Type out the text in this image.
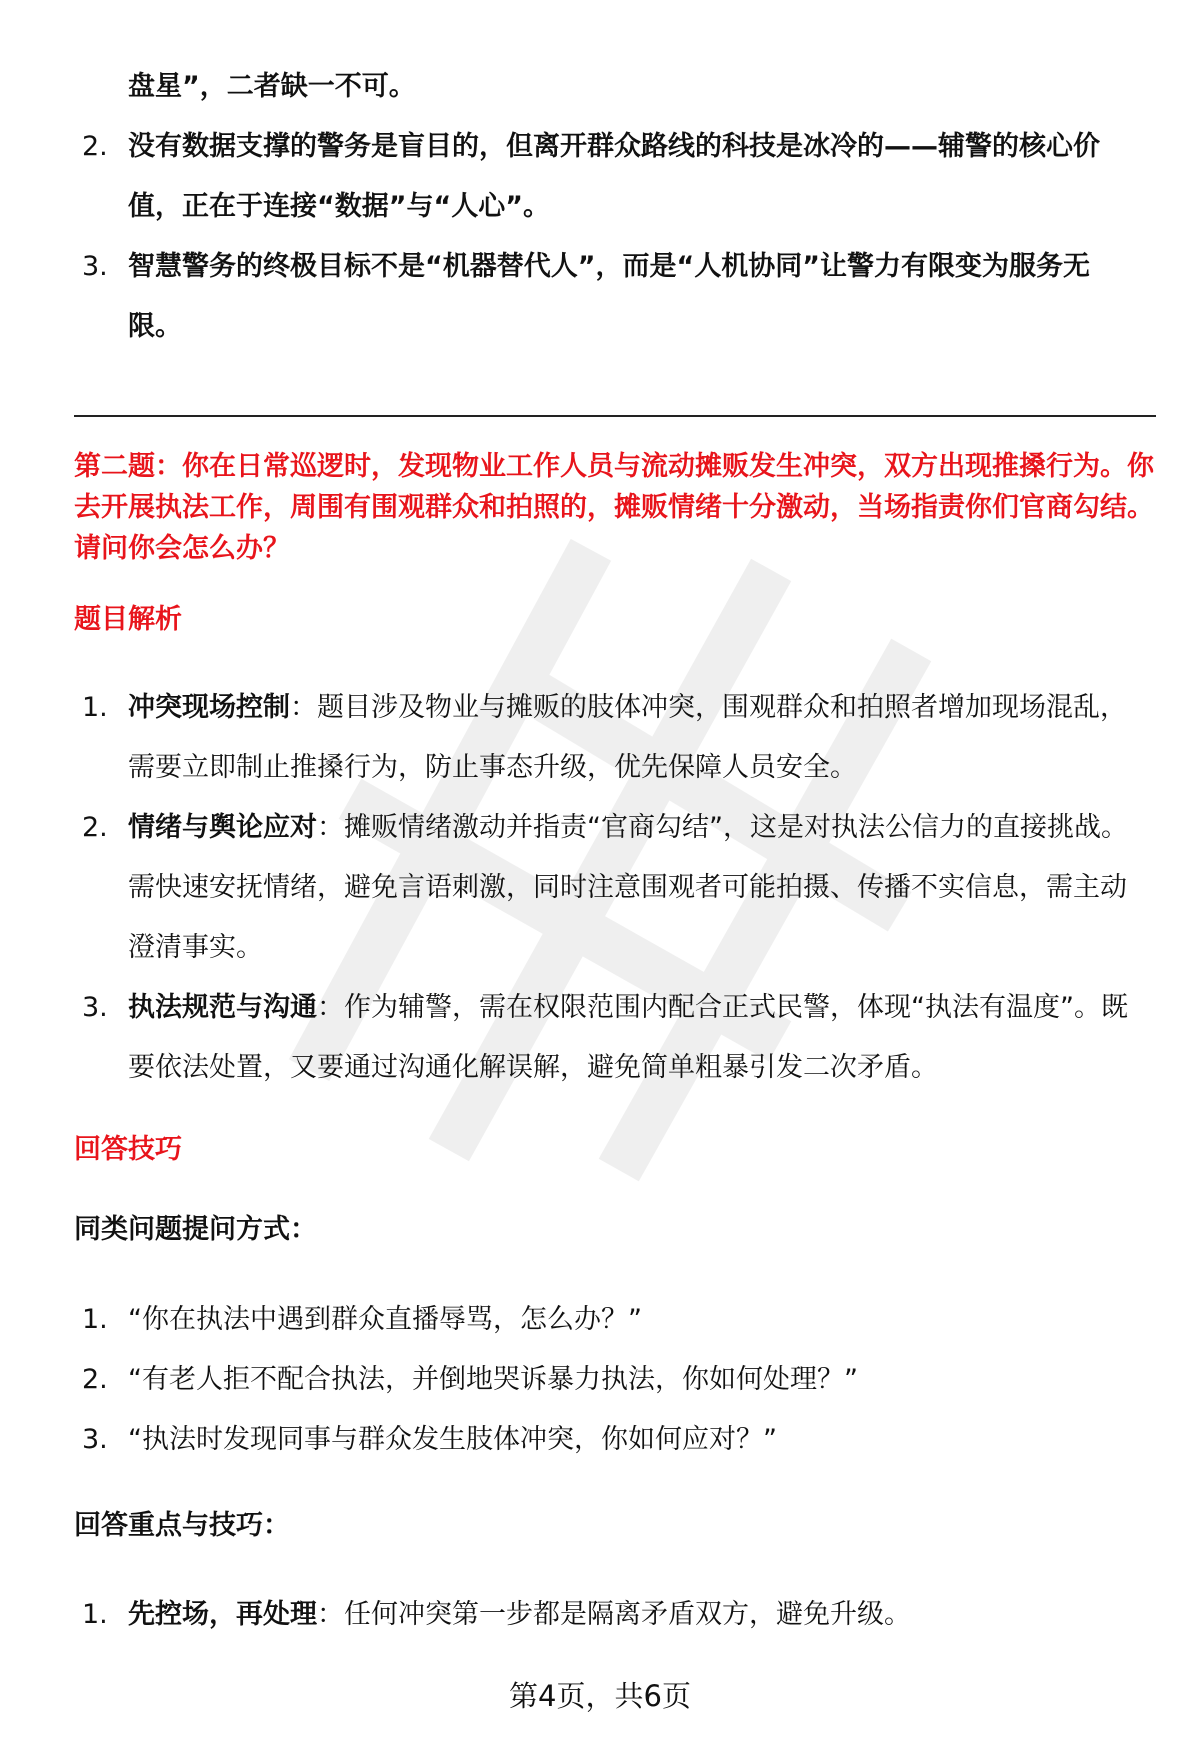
盘星”，二者缺一不可。
2. 没有数据支撑的警务是盲目的，但离开群众路线的科技是冰冷的——辅警的核心价值，正在于连接“数据”与“人心”。
3. 智慧警务的终极目标不是“机器替代人”，而是“人机协同”让警力有限变为服务无限。
第二题：你在日常巡逻时，发现物业工作人员与流动摊贩发生冲突，双方出现推搡行为。你去开展执法工作，周围有围观群众和拍照的，摊贩情绪十分激动，当场指责你们官商勾结。请问你会怎么办？
题目解析
1. 冲突现场控制：题目涉及物业与摊贩的肢体冲突，围观群众和拍照者增加现场混乱，需要立即制止推搡行为，防止事态升级，优先保障人员安全。
2. 情绪与舆论应对：摊贩情绪激动并指责“官商勾结”，这是对执法公信力的直接挑战。需快速安抚情绪，避免言语刺激，同时注意围观者可能拍摄、传播不实信息，需主动澄清事实。
3. 执法规范与沟通：作为辅警，需在权限范围内配合正式民警，体现“执法有温度”。既要依法处置，又要通过沟通化解误解，避免简单粗暴引发二次矛盾。
回答技巧
同类问题提问方式：
1. “你在执法中遇到群众直播辱骂，怎么办？”
2. “有老人拒不配合执法，并倒地哭诉暴力执法，你如何处理？”
3. “执法时发现同事与群众发生肢体冲突，你如何应对？”
回答重点与技巧：
1. 先控场，再处理：任何冲突第一步都是隔离矛盾双方，避免升级。
第4页，共6页
